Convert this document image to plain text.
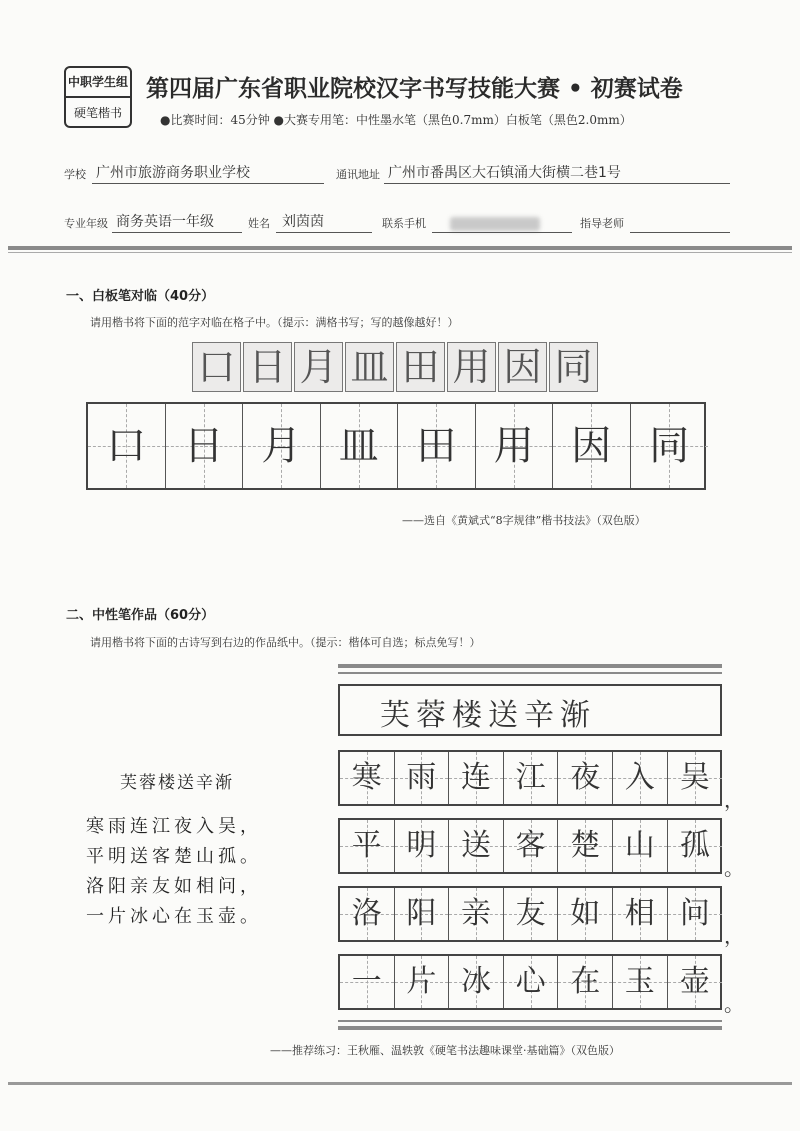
中职学生组
硬笔楷书
第四届广东省职业院校汉字书写技能大赛 • 初赛试卷
●比赛时间：45分钟 ●大赛专用笔：中性墨水笔（黑色0.7mm）白板笔（黑色2.0mm）
学校 广州市旅游商务职业学校	通讯地址 广州市番禺区大石镇涌大街横二巷1号
专业年级 商务英语一年级	姓名 刘茵茵	联系手机	指导老师
一、白板笔对临（40分）
请用楷书将下面的范字对临在格子中。（提示：满格书写；写的越像越好！）
口 日 月 皿 田 用 因 同
口 日 月 皿 田 用 因 同
——选自《黄斌式“8字规律”楷书技法》（双色版）
二、中性笔作品（60分）
请用楷书将下面的古诗写到右边的作品纸中。（提示：楷体可自选；标点免写！）
芙蓉楼送辛渐
寒雨连江夜入吴，
平明送客楚山孤。
洛阳亲友如相问，
一片冰心在玉壶。
芙蓉楼送辛渐
寒 雨 连 江 夜 入 吴
，
平 明 送 客 楚 山 孤
。
洛 阳 亲 友 如 相 问
，
一 片 冰 心 在 玉 壶
。
——推荐练习：王秋雁、温轶敦《硬笔书法趣味课堂·基础篇》（双色版）
